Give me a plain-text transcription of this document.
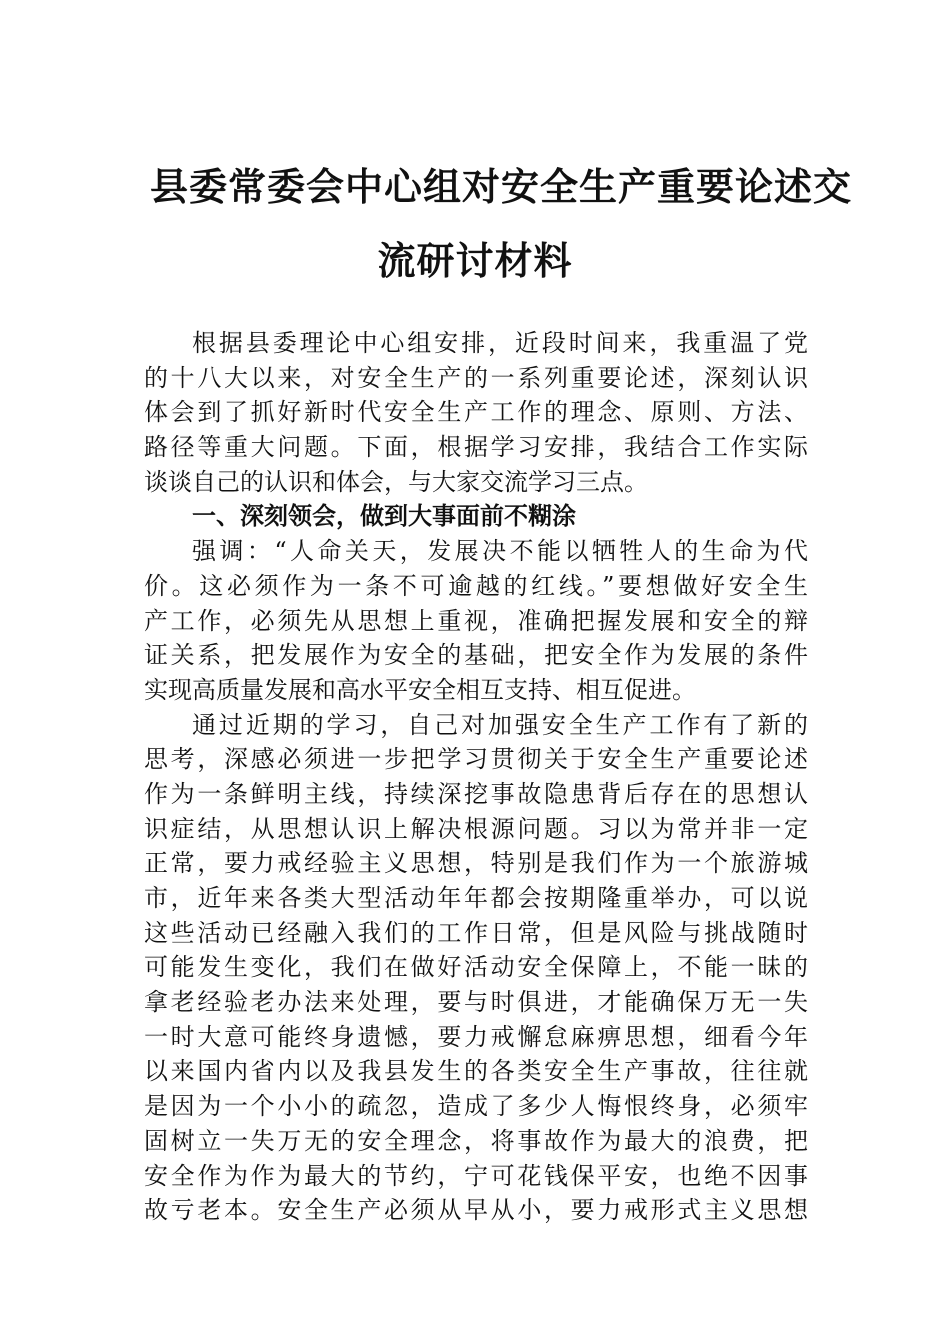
县委常委会中心组对安全生产重要论述交
流研讨材料
根据县委理论中心组安排，近段时间来，我重温了党
的十八大以来，对安全生产的一系列重要论述，深刻认识
体会到了抓好新时代安全生产工作的理念、原则、方法、
路径等重大问题。下面，根据学习安排，我结合工作实际
谈谈自己的认识和体会，与大家交流学习三点。
一、深刻领会，做到大事面前不糊涂
强调：“人命关天，发展决不能以牺牲人的生命为代
价。这必须作为一条不可逾越的红线。”要想做好安全生
产工作，必须先从思想上重视，准确把握发展和安全的辩
证关系，把发展作为安全的基础，把安全作为发展的条件
实现高质量发展和高水平安全相互支持、相互促进。
通过近期的学习，自己对加强安全生产工作有了新的
思考，深感必须进一步把学习贯彻关于安全生产重要论述
作为一条鲜明主线，持续深挖事故隐患背后存在的思想认
识症结，从思想认识上解决根源问题。习以为常并非一定
正常，要力戒经验主义思想，特别是我们作为一个旅游城
市，近年来各类大型活动年年都会按期隆重举办，可以说
这些活动已经融入我们的工作日常，但是风险与挑战随时
可能发生变化，我们在做好活动安全保障上，不能一昧的
拿老经验老办法来处理，要与时俱进，才能确保万无一失
一时大意可能终身遗憾，要力戒懈怠麻痹思想，细看今年
以来国内省内以及我县发生的各类安全生产事故，往往就
是因为一个小小的疏忽，造成了多少人悔恨终身，必须牢
固树立一失万无的安全理念，将事故作为最大的浪费，把
安全作为作为最大的节约，宁可花钱保平安，也绝不因事
故亏老本。安全生产必须从早从小，要力戒形式主义思想
